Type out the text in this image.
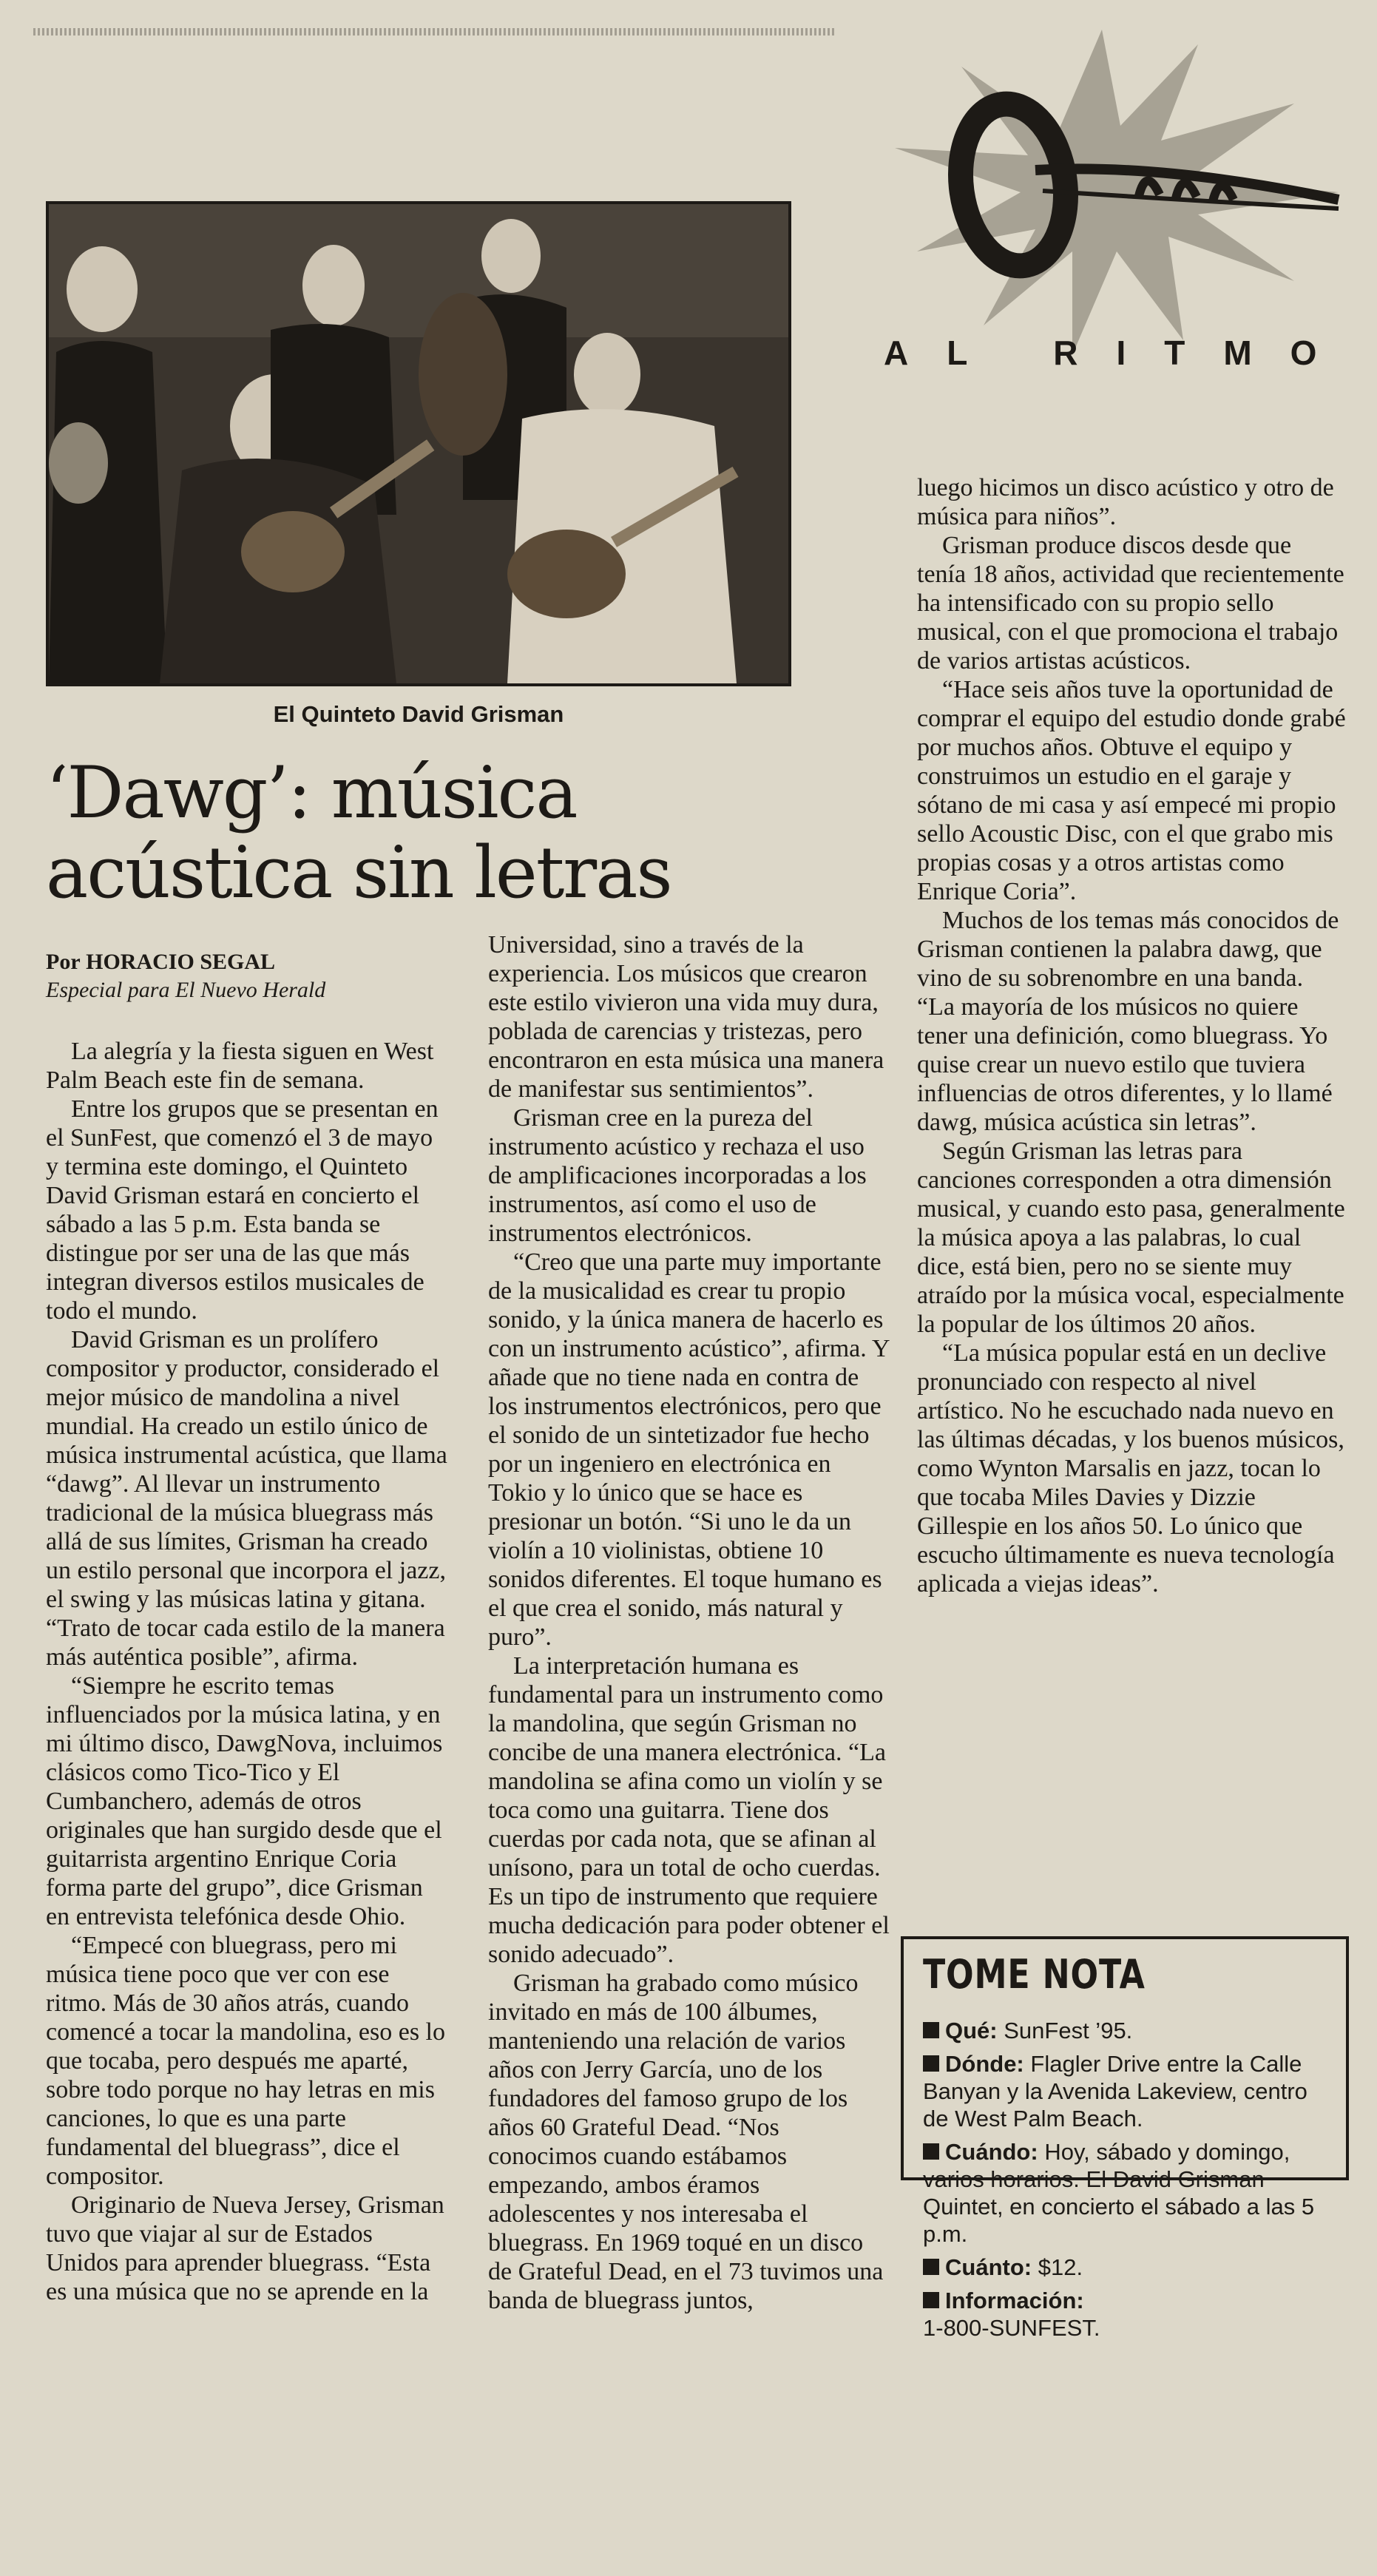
AL RITMO
El Quinteto David Grisman
‘Dawg’: música
acústica sin letras
Por HORACIO SEGAL
Especial para El Nuevo Herald

La alegría y la fiesta siguen en West Palm Beach este fin de semana.

Entre los grupos que se presentan en el SunFest, que comenzó el 3 de mayo y termina este domingo, el Quinteto David Grisman estará en concierto el sábado a las 5 p.m. Esta banda se distingue por ser una de las que más integran diversos estilos musicales de todo el mundo.

David Grisman es un prolífero compositor y productor, considerado el mejor músico de mandolina a nivel mundial. Ha creado un estilo único de música instrumental acústica, que llama “dawg”. Al llevar un instrumento tradicional de la música bluegrass más allá de sus límites, Grisman ha creado un estilo personal que incorpora el jazz, el swing y las músicas latina y gitana. “Trato de tocar cada estilo de la manera más auténtica posible”, afirma.

“Siempre he escrito temas influenciados por la música latina, y en mi último disco, DawgNova, incluimos clásicos como Tico-Tico y El Cumbanchero, además de otros originales que han surgido desde que el guitarrista argentino Enrique Coria forma parte del grupo”, dice Grisman en entrevista telefónica desde Ohio.

“Empecé con bluegrass, pero mi música tiene poco que ver con ese ritmo. Más de 30 años atrás, cuando comencé a tocar la mandolina, eso es lo que tocaba, pero después me aparté, sobre todo porque no hay letras en mis canciones, lo que es una parte fundamental del bluegrass”, dice el compositor.

Originario de Nueva Jersey, Grisman tuvo que viajar al sur de Estados Unidos para aprender bluegrass. “Esta es una música que no se aprende en la

Universidad, sino a través de la experiencia. Los músicos que crearon este estilo vivieron una vida muy dura, poblada de carencias y tristezas, pero encontraron en esta música una manera de manifestar sus sentimientos”.

Grisman cree en la pureza del instrumento acústico y rechaza el uso de amplificaciones incorporadas a los instrumentos, así como el uso de instrumentos electrónicos.

“Creo que una parte muy importante de la musicalidad es crear tu propio sonido, y la única manera de hacerlo es con un instrumento acústico”, afirma. Y añade que no tiene nada en contra de los instrumentos electrónicos, pero que el sonido de un sintetizador fue hecho por un ingeniero en electrónica en Tokio y lo único que se hace es presionar un botón. “Si uno le da un violín a 10 violinistas, obtiene 10 sonidos diferentes. El toque humano es el que crea el sonido, más natural y puro”.

La interpretación humana es fundamental para un instrumento como la mandolina, que según Grisman no concibe de una manera electrónica. “La mandolina se afina como un violín y se toca como una guitarra. Tiene dos cuerdas por cada nota, que se afinan al unísono, para un total de ocho cuerdas. Es un tipo de instrumento que requiere mucha dedicación para poder obtener el sonido adecuado”.

Grisman ha grabado como músico invitado en más de 100 álbumes, manteniendo una relación de varios años con Jerry García, uno de los fundadores del famoso grupo de los años 60 Grateful Dead. “Nos conocimos cuando estábamos empezando, ambos éramos adolescentes y nos interesaba el bluegrass. En 1969 toqué en un disco de Grateful Dead, en el 73 tuvimos una banda de bluegrass juntos,

luego hicimos un disco acústico y otro de música para niños”.

Grisman produce discos desde que tenía 18 años, actividad que recientemente ha intensificado con su propio sello musical, con el que promociona el trabajo de varios artistas acústicos.

“Hace seis años tuve la oportunidad de comprar el equipo del estudio donde grabé por muchos años. Obtuve el equipo y construimos un estudio en el garaje y sótano de mi casa y así empecé mi propio sello Acoustic Disc, con el que grabo mis propias cosas y a otros artistas como Enrique Coria”.

Muchos de los temas más conocidos de Grisman contienen la palabra dawg, que vino de su sobrenombre en una banda. “La mayoría de los músicos no quiere tener una definición, como bluegrass. Yo quise crear un nuevo estilo que tuviera influencias de otros diferentes, y lo llamé dawg, música acústica sin letras”.

Según Grisman las letras para canciones corresponden a otra dimensión musical, y cuando esto pasa, generalmente la música apoya a las palabras, lo cual dice, está bien, pero no se siente muy atraído por la música vocal, especialmente la popular de los últimos 20 años.

“La música popular está en un declive pronunciado con respecto al nivel artístico. No he escuchado nada nuevo en las últimas décadas, y los buenos músicos, como Wynton Marsalis en jazz, tocan lo que tocaba Miles Davies y Dizzie Gillespie en los años 50. Lo único que escucho últimamente es nueva tecnología aplicada a viejas ideas”.

TOME NOTA
Qué: SunFest ’95.
Dónde: Flagler Drive entre la Calle Banyan y la Avenida Lakeview, centro de West Palm Beach.
Cuándo: Hoy, sábado y domingo, varios horarios. El David Grisman Quintet, en concierto el sábado a las 5 p.m.
Cuánto: $12.
Información:
1-800-SUNFEST.
